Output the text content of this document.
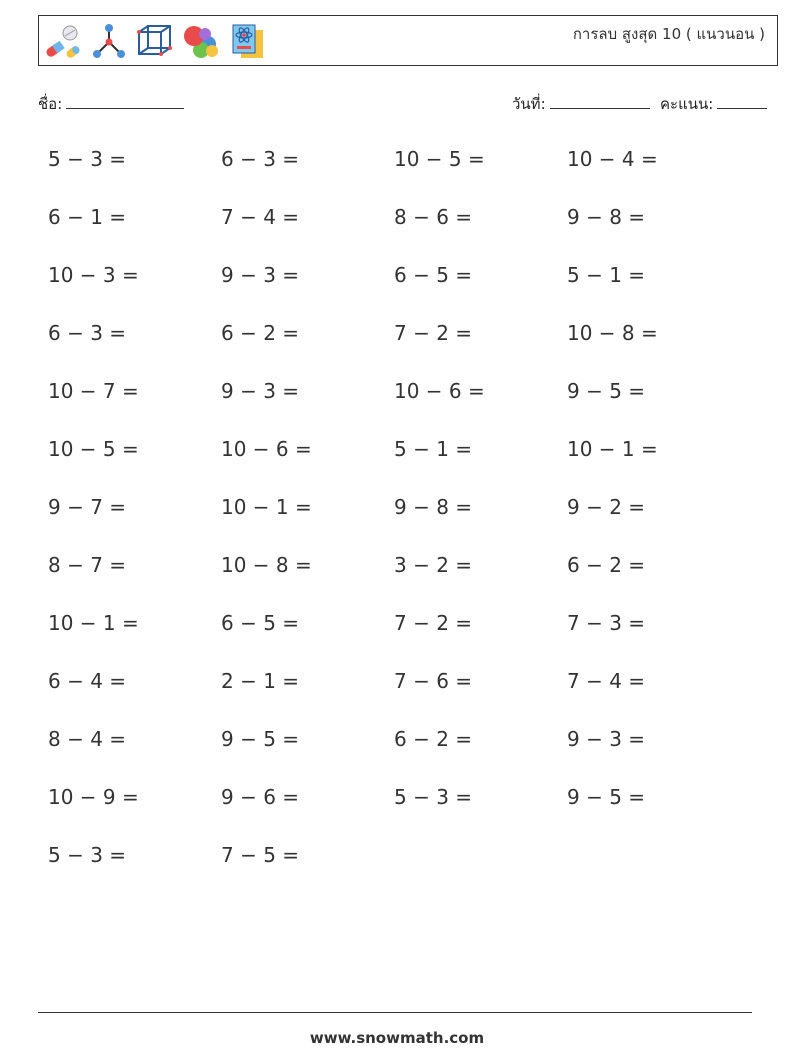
การลบ สูงสุด 10 ( แนวนอน )
ชื่อ:	วันที่:	คะแนน:
5 − 3 =	6 − 3 =	10 − 5 =	10 − 4 =
6 − 1 =	7 − 4 =	8 − 6 =	9 − 8 =
10 − 3 =	9 − 3 =	6 − 5 =	5 − 1 =
6 − 3 =	6 − 2 =	7 − 2 =	10 − 8 =
10 − 7 =	9 − 3 =	10 − 6 =	9 − 5 =
10 − 5 =	10 − 6 =	5 − 1 =	10 − 1 =
9 − 7 =	10 − 1 =	9 − 8 =	9 − 2 =
8 − 7 =	10 − 8 =	3 − 2 =	6 − 2 =
10 − 1 =	6 − 5 =	7 − 2 =	7 − 3 =
6 − 4 =	2 − 1 =	7 − 6 =	7 − 4 =
8 − 4 =	9 − 5 =	6 − 2 =	9 − 3 =
10 − 9 =	9 − 6 =	5 − 3 =	9 − 5 =
5 − 3 =	7 − 5 =
www.snowmath.com
